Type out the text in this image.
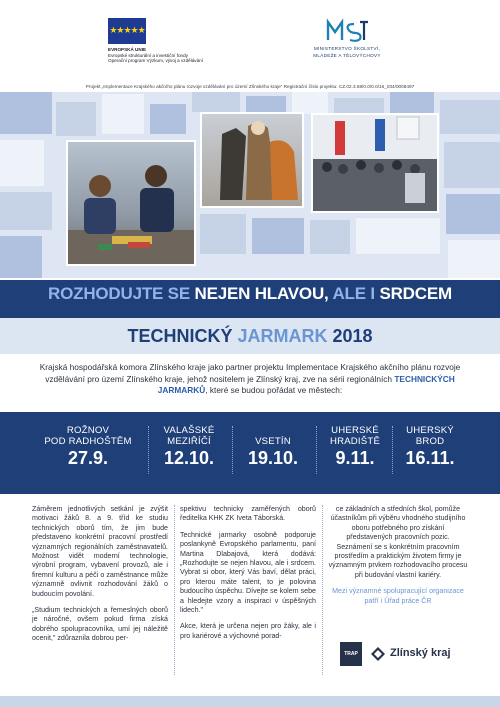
★★★★★
EVROPSKÁ UNIE
Evropské strukturální a investiční fondy
Operační program Výzkum, vývoj a vzdělávání
MINISTERSTVO ŠKOLSTVÍ,
MLÁDEŽE A TĚLOVÝCHOVY
Projekt „Implementace Krajského akčního plánu rozvoje vzdělávání pro území Zlínského kraje" Registrační číslo projektu: CZ.02.3.68/0.0/0.0/16_034/0008497
ROZHODUJTE SE NEJEN HLAVOU, ALE I SRDCEM
TECHNICKÝ JARMARK 2018
Krajská hospodářská komora Zlínského kraje jako partner projektu Implementace Krajského akčního plánu rozvoje vzdělávání pro území Zlínského kraje, jehož nositelem je Zlínský kraj, zve na sérii regionálních TECHNICKÝCH JARMARKŮ, které se budou pořádat ve městech:
ROŽNOV
POD RADHOŠTĚM
27.9.
VALAŠSKÉ
MEZIŘÍČÍ
12.10.
VSETÍN
19.10.
UHERSKÉ
HRADIŠTĚ
9.11.
UHERSKÝ
BROD
16.11.

Záměrem jednotlivých setkání je zvýšit motivaci žáků 8. a 9. tříd ke studiu technických oborů tím, že jim bude představeno konkrétní pracovní prostředí významných regionálních zaměstnavatelů. Možnost vidět moderní technologie, výrobní program, vybavení provozů, ale i firemní kulturu a péči o zaměstnance může významně ovlivnit rozhodování žáků o budoucím povolání.

„Studium technických a řemeslných oborů je náročné, ovšem pokud firma získá dobrého spolupracovníka, umí jej náležitě ocenit," zdůraznila dobrou per-

spektivu technicky zaměřených oborů ředitelka KHK ZK Iveta Táborská.

Technické jarmarky osobně podporuje poslankyně Evropského parlamentu, paní Martina Dlabajová, která dodává: „Rozhodujte se nejen hlavou, ale i srdcem. Vybrat si obor, který Vás baví, dělat práci, pro kterou máte talent, to je polovina budoucího úspěchu. Dívejte se kolem sebe a hledejte vzory a inspiraci v úspěšných lidech."

Akce, která je určena nejen pro žáky, ale i pro kariérové a výchovné porad-

ce základních a středních škol, pomůže účastníkům při výběru vhodného studijního oboru potřebného pro získání představených pracovních pozic. Seznámení se s konkrétním pracovním prostředím a praktickým životem firmy je významným prvkem rozhodovacího procesu při budování vlastní kariéry.

Mezi významné spolupracující organizace patří i Úřad práce ČR

TRAP	Zlínský kraj
